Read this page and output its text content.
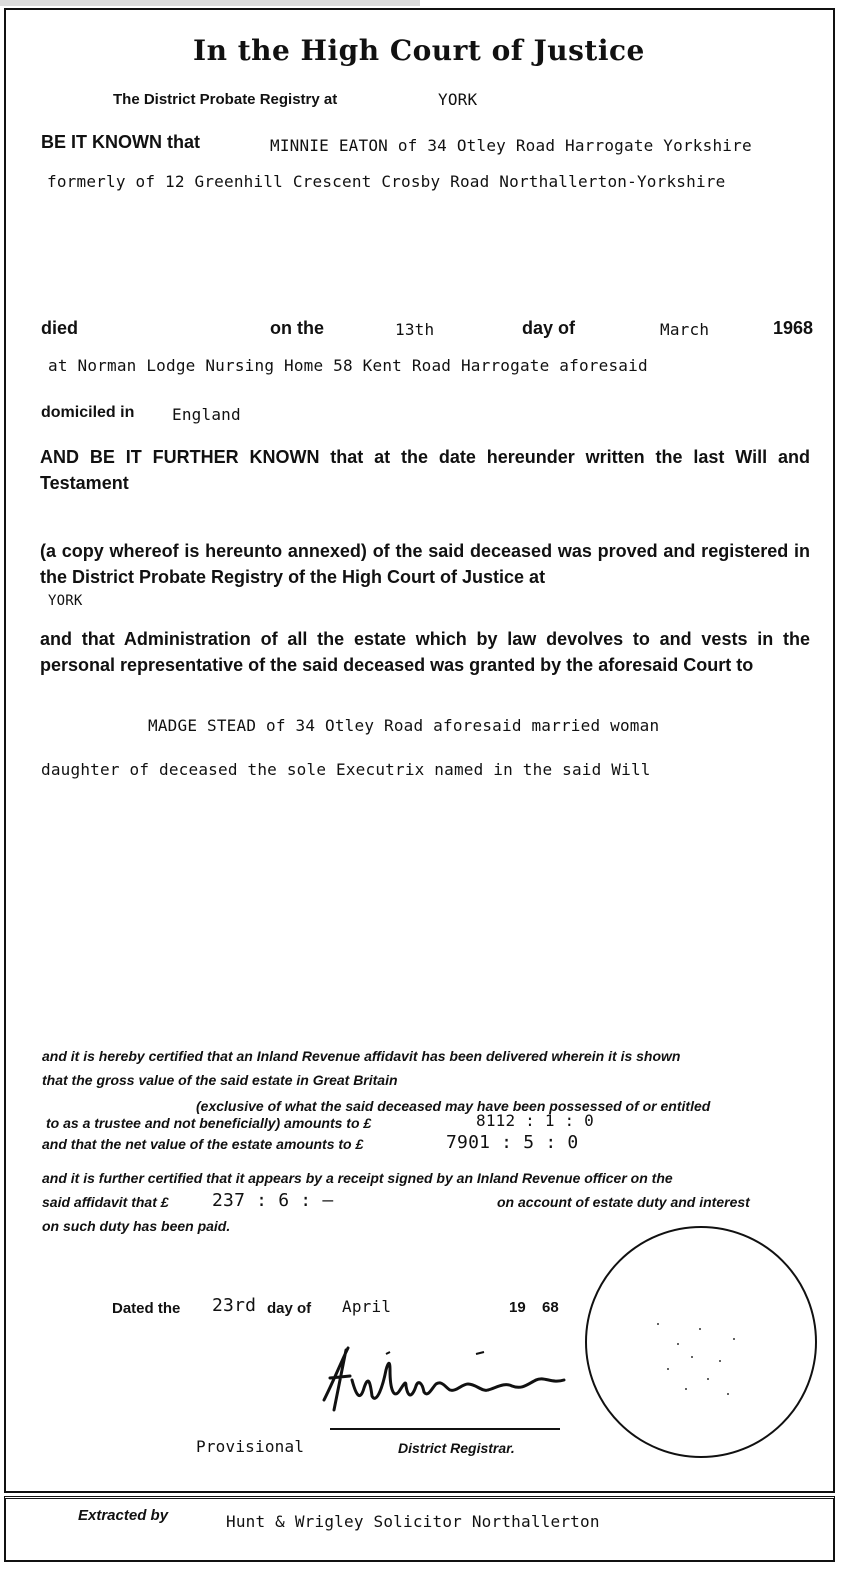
In the High Court of Justice
The District Probate Registry at	YORK
BE IT KNOWN that	MINNIE EATON of 34 Otley Road Harrogate Yorkshire
formerly of 12 Greenhill Crescent Crosby Road Northallerton-Yorkshire
died	on the	13th	day of	March	1968
at Norman Lodge Nursing Home 58 Kent Road Harrogate aforesaid
domiciled in England
AND BE IT FURTHER KNOWN that at the date hereunder written the last Will and Testament
(a copy whereof is hereunto annexed) of the said deceased was proved and registered in the District Probate Registry of the High Court of Justice at
YORK
and that Administration of all the estate which by law devolves to and vests in the personal representative of the said deceased was granted by the aforesaid Court to
MADGE STEAD of 34 Otley Road aforesaid married woman
daughter of deceased the sole Executrix named in the said Will
and it is hereby certified that an Inland Revenue affidavit has been delivered wherein it is shown
that the gross value of the said estate in Great Britain
(exclusive of what the said deceased may have been possessed of or entitled
to as a trustee and not beneficially) amounts to £	8112 : 1 : 0
and that the net value of the estate amounts to £	7901 : 5 : 0
and it is further certified that it appears by a receipt signed by an Inland Revenue officer on the
said affidavit that £ 237 : 6 : –	on account of estate duty and interest
on such duty has been paid.
Dated the 23rd day of April	19 68
Provisional	District Registrar.
Extracted by	Hunt & Wrigley Solicitor Northallerton
